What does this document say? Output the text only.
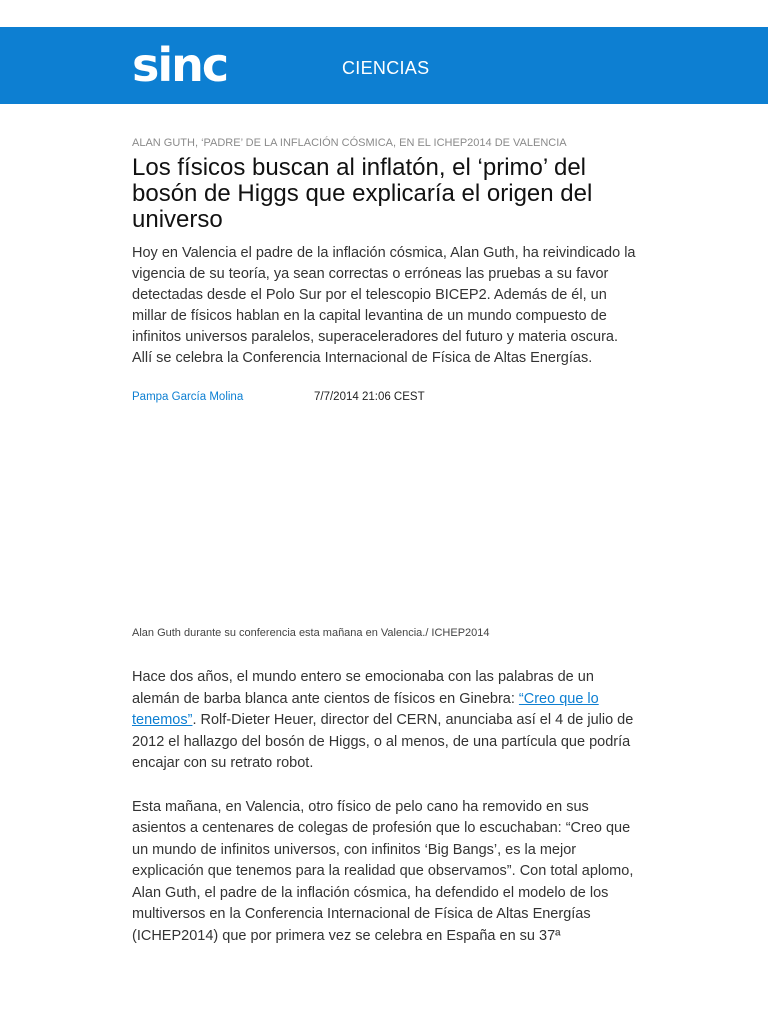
sinc	CIENCIAS
ALAN GUTH, ‘PADRE’ DE LA INFLACIÓN CÓSMICA, EN EL ICHEP2014 DE VALENCIA
Los físicos buscan al inflatón, el ‘primo’ del bosón de Higgs que explicaría el origen del universo

Hoy en Valencia el padre de la inflación cósmica, Alan Guth, ha reivindicado la vigencia de su teoría, ya sean correctas o erróneas las pruebas a su favor detectadas desde el Polo Sur por el telescopio BICEP2. Además de él, un millar de físicos hablan en la capital levantina de un mundo compuesto de infinitos universos paralelos, superaceleradores del futuro y materia oscura. Allí se celebra la Conferencia Internacional de Física de Altas Energías.

Pampa García Molina	7/7/2014 21:06 CEST
Alan Guth durante su conferencia esta mañana en Valencia./ ICHEP2014

Hace dos años, el mundo entero se emocionaba con las palabras de un alemán de barba blanca ante cientos de físicos en Ginebra: “Creo que lo tenemos”. Rolf-Dieter Heuer, director del CERN, anunciaba así el 4 de julio de 2012 el hallazgo del bosón de Higgs, o al menos, de una partícula que podría encajar con su retrato robot.

Esta mañana, en Valencia, otro físico de pelo cano ha removido en sus asientos a centenares de colegas de profesión que lo escuchaban: “Creo que un mundo de infinitos universos, con infinitos ‘Big Bangs’, es la mejor explicación que tenemos para la realidad que observamos”. Con total aplomo, Alan Guth, el padre de la inflación cósmica, ha defendido el modelo de los multiversos en la Conferencia Internacional de Física de Altas Energías (ICHEP2014) que por primera vez se celebra en España en su 37ª
